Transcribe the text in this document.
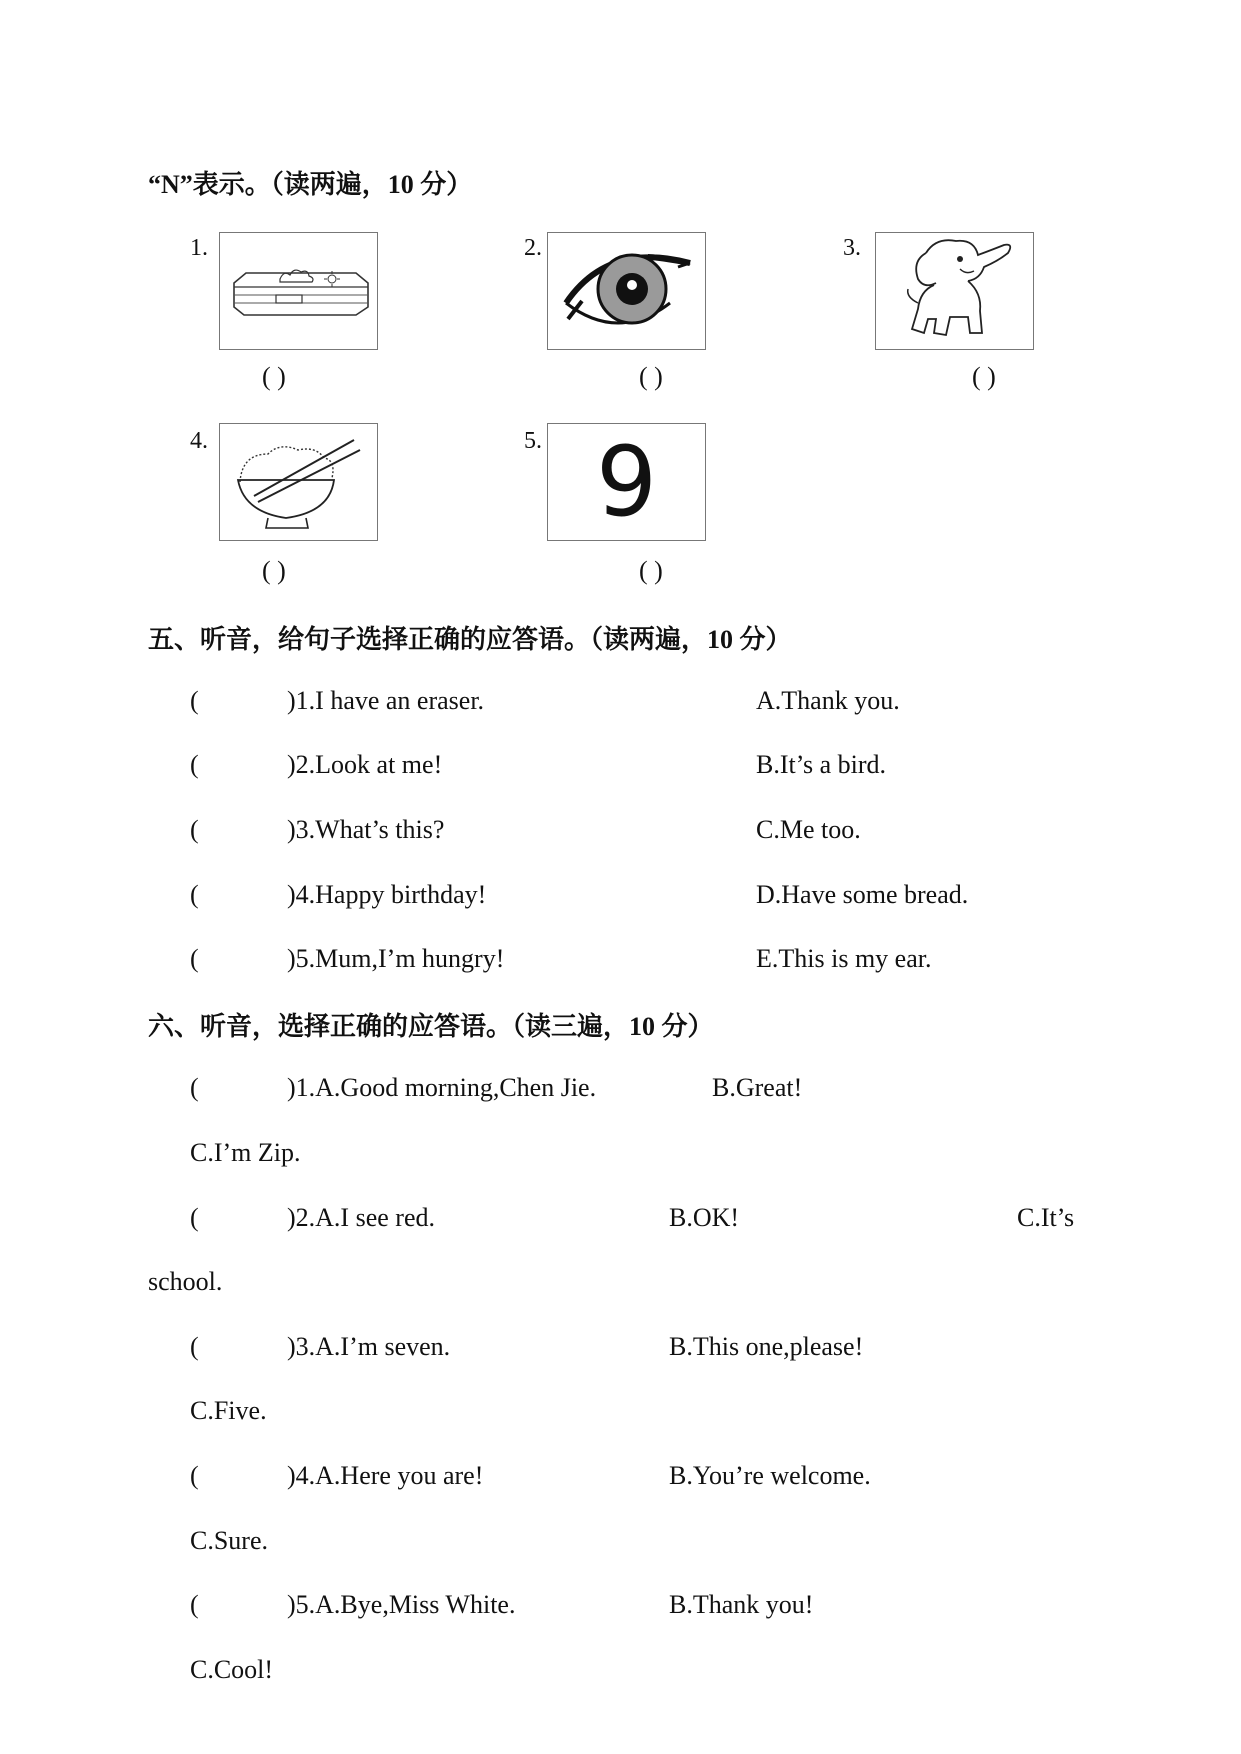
“N”表示。（读两遍，10 分）
1.
( )
2.
( )
3.
( )
4.
( )
5. 9
( )
五、听音，给句子选择正确的应答语。（读两遍，10 分）
(	)1.I have an eraser.	A.Thank you.
(	)2.Look at me!	B.It’s a bird.
(	)3.What’s this?	C.Me too.
(	)4.Happy birthday!	D.Have some bread.
(	)5.Mum,I’m hungry!	E.This is my ear.
六、听音，选择正确的应答语。（读三遍，10 分）
(	)1.A.Good morning,Chen Jie.	B.Great!
C.I’m Zip.
(	)2.A.I see red.	B.OK!	C.It’s
school.
(	)3.A.I’m seven.	B.This one,please!
C.Five.
(	)4.A.Here you are!	B.You’re welcome.
C.Sure.
(	)5.A.Bye,Miss White.	B.Thank you!
C.Cool!
